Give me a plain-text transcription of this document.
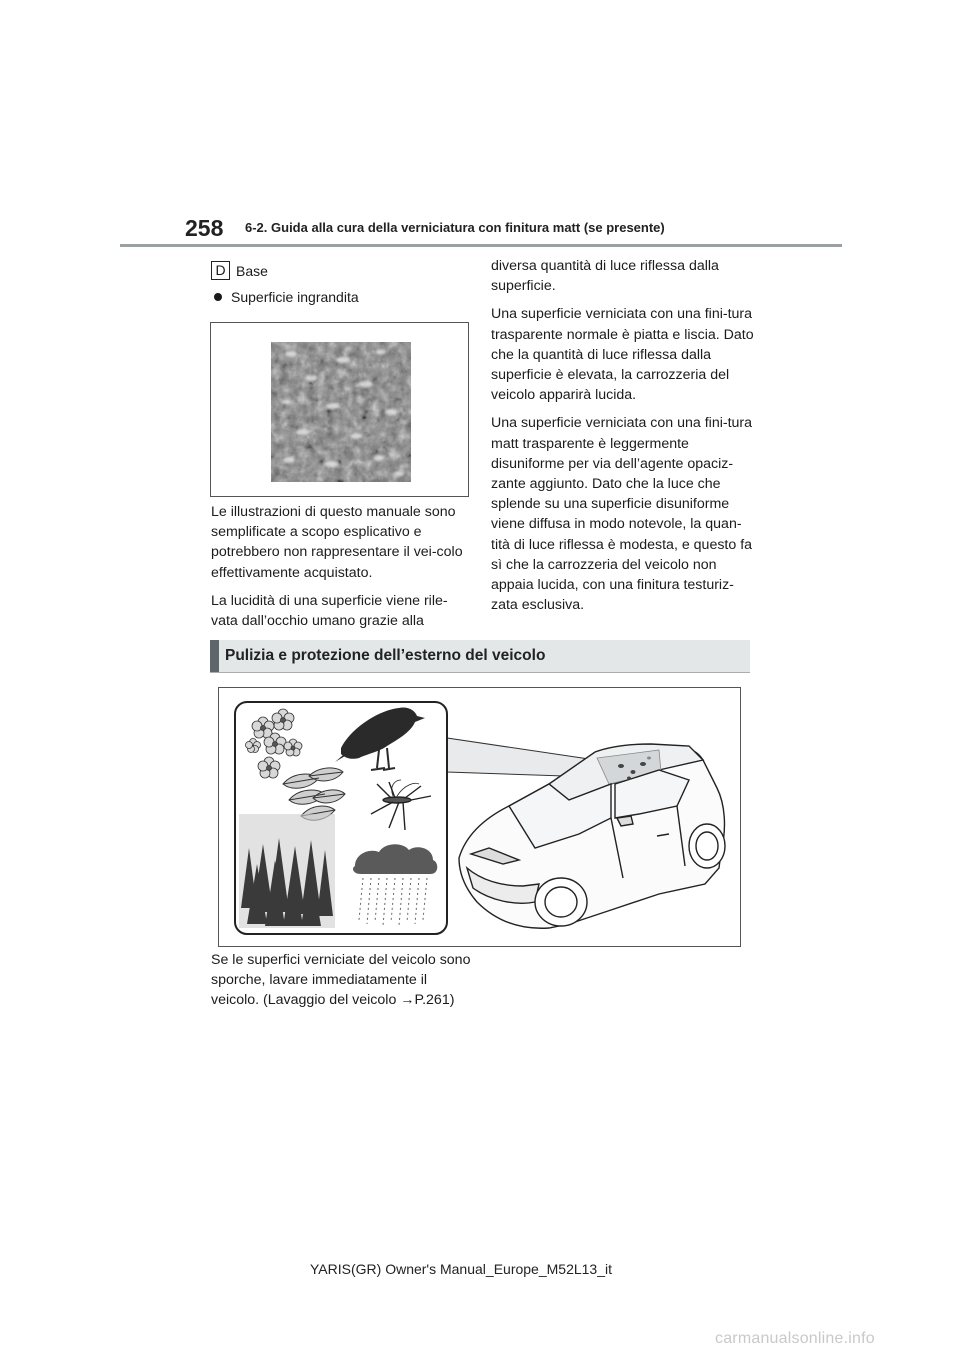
258 6-2. Guida alla cura della verniciatura con finitura matt (se presente)
D Base
Superficie ingrandita

Le illustrazioni di questo manuale sono semplificate a scopo esplicativo e potrebbero non rappresentare il vei-colo effettivamente acquistato.

La lucidità di una superficie viene rile-vata dall’occhio umano grazie alla

diversa quantità di luce riflessa dalla superficie.

Una superficie verniciata con una fini-tura trasparente normale è piatta e liscia. Dato che la quantità di luce riflessa dalla superficie è elevata, la carrozzeria del veicolo apparirà lucida.

Una superficie verniciata con una fini-tura matt trasparente è leggermente disuniforme per via dell’agente opaciz-zante aggiunto. Dato che la luce che splende su una superficie disuniforme viene diffusa in modo notevole, la quan-tità di luce riflessa è modesta, e questo fa sì che la carrozzeria del veicolo non appaia lucida, con una finitura testuriz-zata esclusiva.

Pulizia e protezione dell’esterno del veicolo

Se le superfici verniciate del veicolo sono sporche, lavare immediatamente il veicolo. (Lavaggio del veicolo →P.261)

YARIS(GR) Owner's Manual_Europe_M52L13_it
carmanualsonline.info
